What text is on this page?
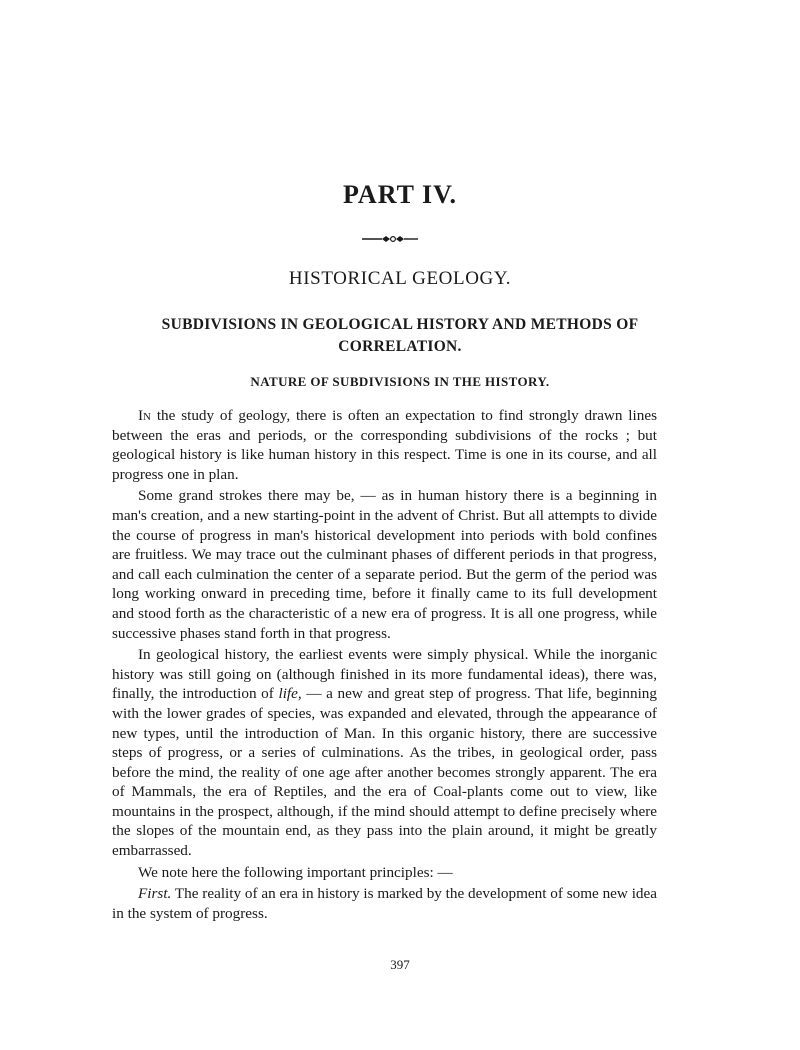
PART IV.
HISTORICAL GEOLOGY.
SUBDIVISIONS IN GEOLOGICAL HISTORY AND METHODS OF CORRELATION.
NATURE OF SUBDIVISIONS IN THE HISTORY.

In the study of geology, there is often an expectation to find strongly drawn lines between the eras and periods, or the corresponding subdivisions of the rocks ; but geological history is like human history in this respect. Time is one in its course, and all progress one in plan.

Some grand strokes there may be, — as in human history there is a beginning in man's creation, and a new starting-point in the advent of Christ. But all attempts to divide the course of progress in man's historical development into periods with bold confines are fruitless. We may trace out the culminant phases of different periods in that progress, and call each culmination the center of a separate period. But the germ of the period was long working onward in preceding time, before it finally came to its full development and stood forth as the characteristic of a new era of progress. It is all one progress, while successive phases stand forth in that progress.

In geological history, the earliest events were simply physical. While the inorganic history was still going on (although finished in its more fundamental ideas), there was, finally, the introduction of life, — a new and great step of progress. That life, beginning with the lower grades of species, was expanded and elevated, through the appearance of new types, until the introduction of Man. In this organic history, there are successive steps of progress, or a series of culminations. As the tribes, in geological order, pass before the mind, the reality of one age after another becomes strongly apparent. The era of Mammals, the era of Reptiles, and the era of Coal-plants come out to view, like mountains in the prospect, although, if the mind should attempt to define precisely where the slopes of the mountain end, as they pass into the plain around, it might be greatly embarrassed.

We note here the following important principles: —

First. The reality of an era in history is marked by the development of some new idea in the system of progress.

397
